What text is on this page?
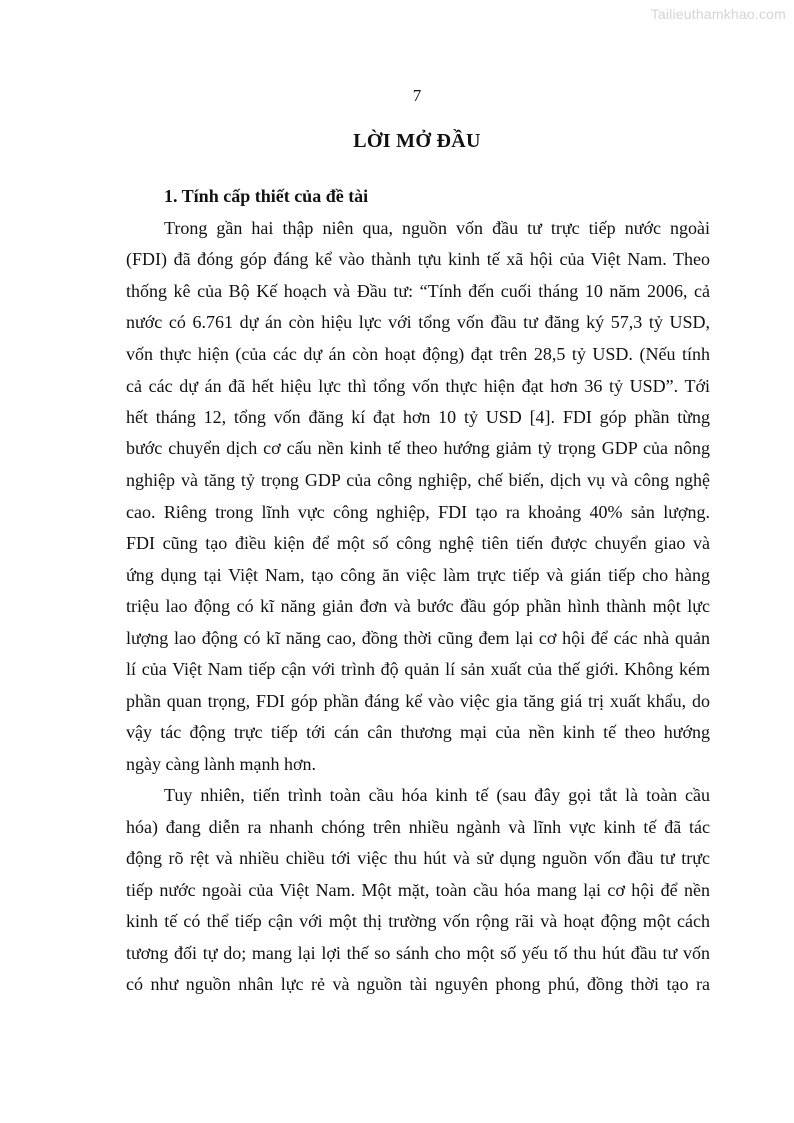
Tailieuthamkhao.com
7
LỜI MỞ ĐẦU
1. Tính cấp thiết của đề tài
Trong gần hai thập niên qua, nguồn vốn đầu tư trực tiếp nước ngoài
(FDI) đã đóng góp đáng kể vào thành tựu kinh tế xã hội của Việt Nam. Theo
thống kê của Bộ Kế hoạch và Đầu tư: “Tính đến cuối tháng 10 năm 2006, cả
nước có 6.761 dự án còn hiệu lực với tổng vốn đầu tư đăng ký 57,3 tỷ USD,
vốn thực hiện (của các dự án còn hoạt động) đạt trên 28,5 tỷ USD. (Nếu tính
cả các dự án đã hết hiệu lực thì tổng vốn thực hiện đạt hơn 36 tỷ USD”. Tới
hết tháng 12, tổng vốn đăng kí đạt hơn 10 tỷ USD [4]. FDI góp phần từng
bước chuyển dịch cơ cấu nền kinh tế theo hướng giảm tỷ trọng GDP của nông
nghiệp và tăng tỷ trọng GDP của công nghiệp, chế biến, dịch vụ và công nghệ
cao. Riêng trong lĩnh vực công nghiệp, FDI tạo ra khoảng 40% sản lượng.
FDI cũng tạo điều kiện để một số công nghệ tiên tiến được chuyển giao và
ứng dụng tại Việt Nam, tạo công ăn việc làm trực tiếp và gián tiếp cho hàng
triệu lao động có kĩ năng giản đơn và bước đầu góp phần hình thành một lực
lượng lao động có kĩ năng cao, đồng thời cũng đem lại cơ hội để các nhà quản
lí của Việt Nam tiếp cận với trình độ quản lí sản xuất của thế giới. Không kém
phần quan trọng, FDI góp phần đáng kể vào việc gia tăng giá trị xuất khẩu, do
vậy tác động trực tiếp tới cán cân thương mại của nền kinh tế theo hướng
ngày càng lành mạnh hơn.
Tuy nhiên, tiến trình toàn cầu hóa kinh tế (sau đây gọi tắt là toàn cầu
hóa) đang diễn ra nhanh chóng trên nhiều ngành và lĩnh vực kinh tế đã tác
động rõ rệt và nhiều chiều tới việc thu hút và sử dụng nguồn vốn đầu tư trực
tiếp nước ngoài của Việt Nam. Một mặt, toàn cầu hóa mang lại cơ hội để nền
kinh tế có thể tiếp cận với một thị trường vốn rộng rãi và hoạt động một cách
tương đối tự do; mang lại lợi thế so sánh cho một số yếu tố thu hút đầu tư vốn
có như nguồn nhân lực rẻ và nguồn tài nguyên phong phú, đồng thời tạo ra
